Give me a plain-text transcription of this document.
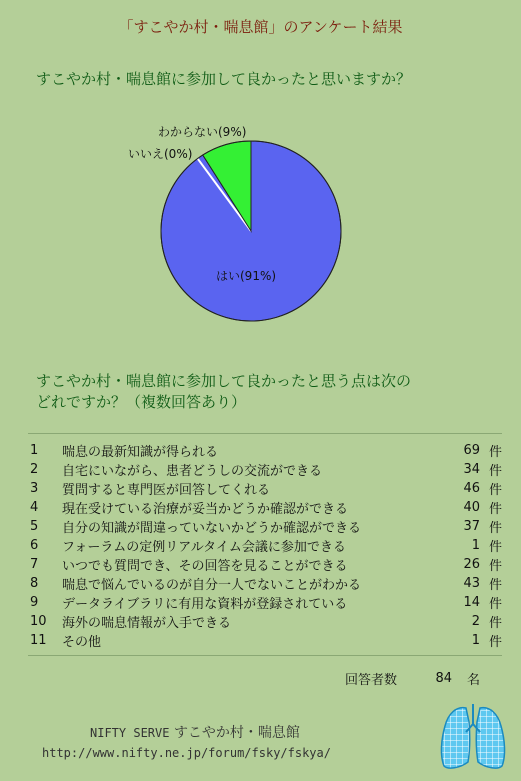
「すこやか村・喘息館」のアンケート結果
すこやか村・喘息館に参加して良かったと思いますか？
はい(91%)
いいえ(0%)
わからない(9%)
すこやか村・喘息館に参加して良かったと思う点は次の
どれですか？（複数回答あり）
1	喘息の最新知識が得られる	69 件
2	自宅にいながら、患者どうしの交流ができる	34 件
3	質問すると専門医が回答してくれる	46 件
4	現在受けている治療が妥当かどうか確認ができる	40 件
5	自分の知識が間違っていないかどうか確認ができる	37 件
6	フォーラムの定例リアルタイム会議に参加できる	1 件
7	いつでも質問でき、その回答を見ることができる	26 件
8	喘息で悩んでいるのが自分一人でないことがわかる	43 件
9	データライブラリに有用な資料が登録されている	14 件
10	海外の喘息情報が入手できる	2 件
11	その他	1 件
回答者数	84	名
NIFTY SERVE すこやか村・喘息館
http://www.nifty.ne.jp/forum/fsky/fskya/
